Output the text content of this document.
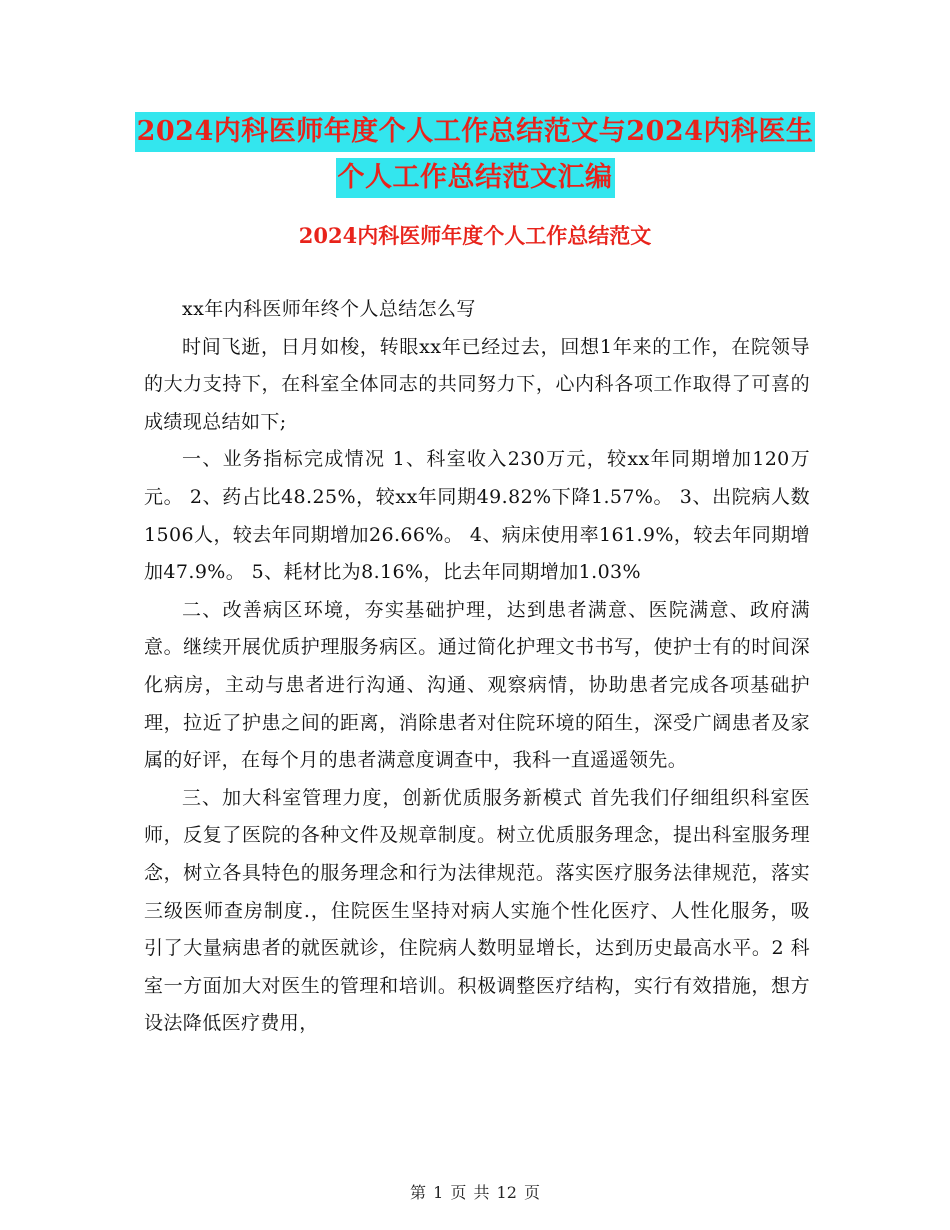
2024内科医师年度个人工作总结范文与2024内科医生
个人工作总结范文汇编
2024内科医师年度个人工作总结范文

xx年内科医师年终个人总结怎么写

时间飞逝，日月如梭，转眼xx年已经过去，回想1年来的工作，在院领导的大力支持下，在科室全体同志的共同努力下，心内科各项工作取得了可喜的成绩现总结如下;

一、业务指标完成情况 1、科室收入230万元，较xx年同期增加120万元。 2、药占比48.25%，较xx年同期49.82%下降1.57%。 3、出院病人数1506人，较去年同期增加26.66%。 4、病床使用率161.9%，较去年同期增加47.9%。 5、耗材比为8.16%，比去年同期增加1.03%

二、改善病区环境，夯实基础护理，达到患者满意、医院满意、政府满意。继续开展优质护理服务病区。通过简化护理文书书写，使护士有的时间深化病房，主动与患者进行沟通、沟通、观察病情，协助患者完成各项基础护理，拉近了护患之间的距离，消除患者对住院环境的陌生，深受广阔患者及家属的好评，在每个月的患者满意度调查中，我科一直遥遥领先。

三、加大科室管理力度，创新优质服务新模式 首先我们仔细组织科室医师，反复了医院的各种文件及规章制度。树立优质服务理念，提出科室服务理念，树立各具特色的服务理念和行为法律规范。落实医疗服务法律规范，落实三级医师查房制度.，住院医生坚持对病人实施个性化医疗、人性化服务，吸引了大量病患者的就医就诊，住院病人数明显增长，达到历史最高水平。2 科室一方面加大对医生的管理和培训。积极调整医疗结构，实行有效措施，想方设法降低医疗费用，

第 1 页 共 12 页
